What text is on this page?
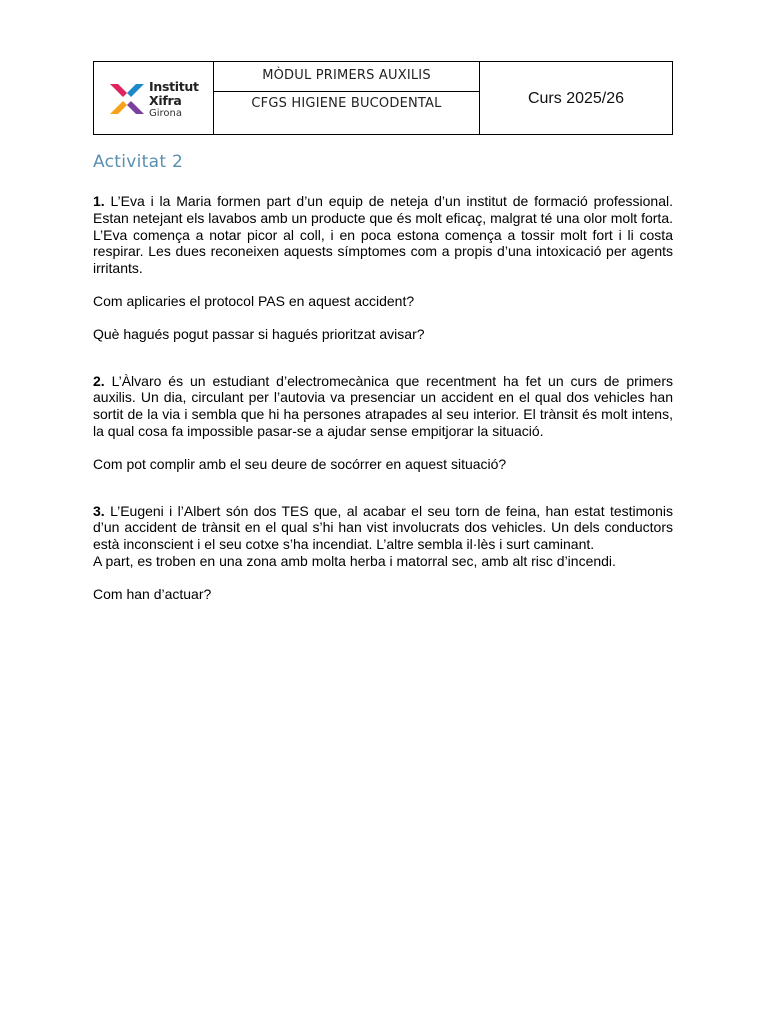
Institut
Xifra
Girona
MÒDUL PRIMERS AUXILIS
CFGS HIGIENE BUCODENTAL	Curs 2025/26
Activitat 2

1. L’Eva i la Maria formen part d’un equip de neteja d’un institut de formació professional. Estan netejant els lavabos amb un producte que és molt eficaç, malgrat té una olor molt forta. L’Eva comença a notar picor al coll, i en poca estona comença a tossir molt fort i li costa respirar. Les dues reconeixen aquests símptomes com a propis d’una intoxicació per agents irritants.

Com aplicaries el protocol PAS en aquest accident?

Què hagués pogut passar si hagués prioritzat avisar?

2. L’Àlvaro és un estudiant d’electromecànica que recentment ha fet un curs de primers auxilis. Un dia, circulant per l’autovia va presenciar un accident en el qual dos vehicles han sortit de la via i sembla que hi ha persones atrapades al seu interior. El trànsit és molt intens, la qual cosa fa impossible pasar-se a ajudar sense empitjorar la situació.

Com pot complir amb el seu deure de socórrer en aquest situació?

3. L’Eugeni i l’Albert són dos TES que, al acabar el seu torn de feina, han estat testimonis d’un accident de trànsit en el qual s’hi han vist involucrats dos vehicles. Un dels conductors està inconscient i el seu cotxe s’ha incendiat. L’altre sembla il·lès i surt caminant.

A part, es troben en una zona amb molta herba i matorral sec, amb alt risc d’incendi.

Com han d’actuar?
